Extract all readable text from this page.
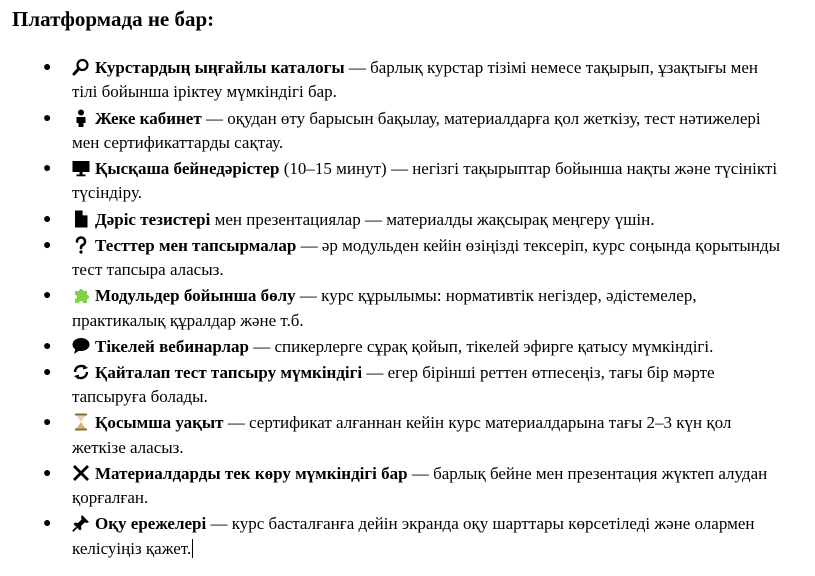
Платформада не бар:
●	Курстардың ыңғайлы каталогы — барлық курстар тізімі немесе тақырып, ұзақтығы мен тілі бойынша іріктеу мүмкіндігі бар.
●	Жеке кабинет — оқудан өту барысын бақылау, материалдарға қол жеткізу, тест нәтижелері мен сертификаттарды сақтау.
●	Қысқаша бейнедәрістер (10–15 минут) — негізгі тақырыптар бойынша нақты және түсінікті түсіндіру.
●	Дәріс тезистері мен презентациялар — материалды жақсырақ меңгеру үшін.
●	Тесттер мен тапсырмалар — әр модульден кейін өзіңізді тексеріп, курс соңында қорытынды тест тапсыра аласыз.
●	Модульдер бойынша бөлу — курс құрылымы: нормативтік негіздер, әдістемелер, практикалық құралдар және т.б.
●	Тікелей вебинарлар — спикерлерге сұрақ қойып, тікелей эфирге қатысу мүмкіндігі.
●	Қайталап тест тапсыру мүмкіндігі — егер бірінші реттен өтпесеңіз, тағы бір мәрте тапсыруға болады.
●	Қосымша уақыт — сертификат алғаннан кейін курс материалдарына тағы 2–3 күн қол жеткізе аласыз.
●	Материалдарды тек көру мүмкіндігі бар — барлық бейне мен презентация жүктеп алудан қорғалған.
●	Оқу ережелері — курс басталғанға дейін экранда оқу шарттары көрсетіледі және олармен келісуіңіз қажет.
